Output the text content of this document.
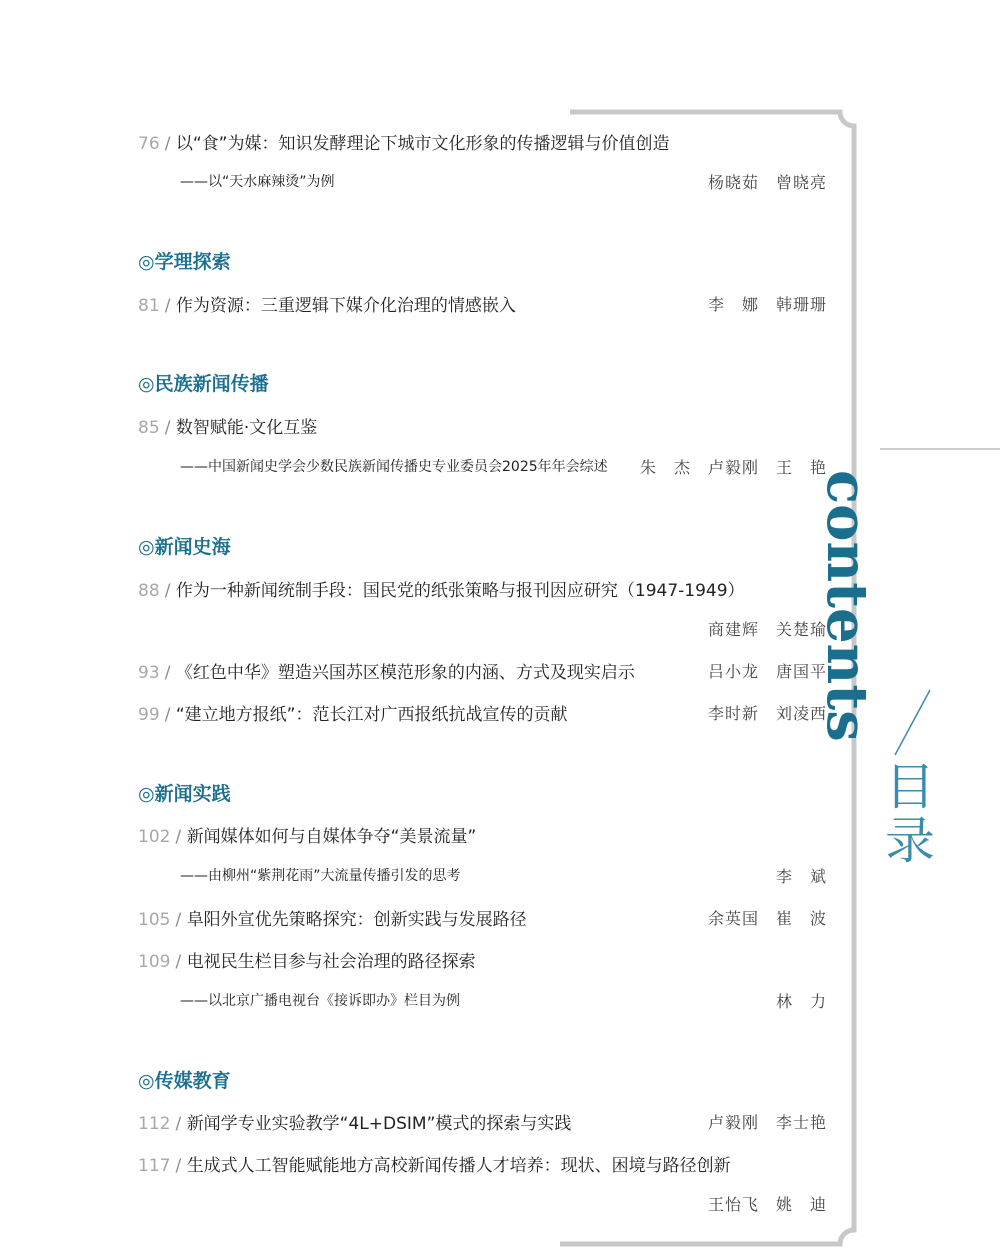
contents
目录
76 / 以“食”为媒：知识发酵理论下城市文化形象的传播逻辑与价值创造
——以“天水麻辣烫”为例	杨晓茹　曾晓亮
◎学理探索
81 / 作为资源：三重逻辑下媒介化治理的情感嵌入	李　娜　韩珊珊
◎民族新闻传播
85 / 数智赋能·文化互鉴
——中国新闻史学会少数民族新闻传播史专业委员会2025年年会综述 朱　杰　卢毅刚　王　艳
◎新闻史海
88 / 作为一种新闻统制手段：国民党的纸张策略与报刊因应研究（1947-1949）
商建辉　关楚瑜
93 / 《红色中华》塑造兴国苏区模范形象的内涵、方式及现实启示	吕小龙　唐国平
99 / “建立地方报纸”：范长江对广西报纸抗战宣传的贡献	李时新　刘凌西
◎新闻实践
102 / 新闻媒体如何与自媒体争夺“美景流量”
——由柳州“紫荆花雨”大流量传播引发的思考	李　斌
105 / 阜阳外宣优先策略探究：创新实践与发展路径	余英国　崔　波
109 / 电视民生栏目参与社会治理的路径探索
——以北京广播电视台《接诉即办》栏目为例	林　力
◎传媒教育
112 / 新闻学专业实验教学“4L+DSIM”模式的探索与实践	卢毅刚　李士艳
117 / 生成式人工智能赋能地方高校新闻传播人才培养：现状、困境与路径创新
王怡飞　姚　迪
